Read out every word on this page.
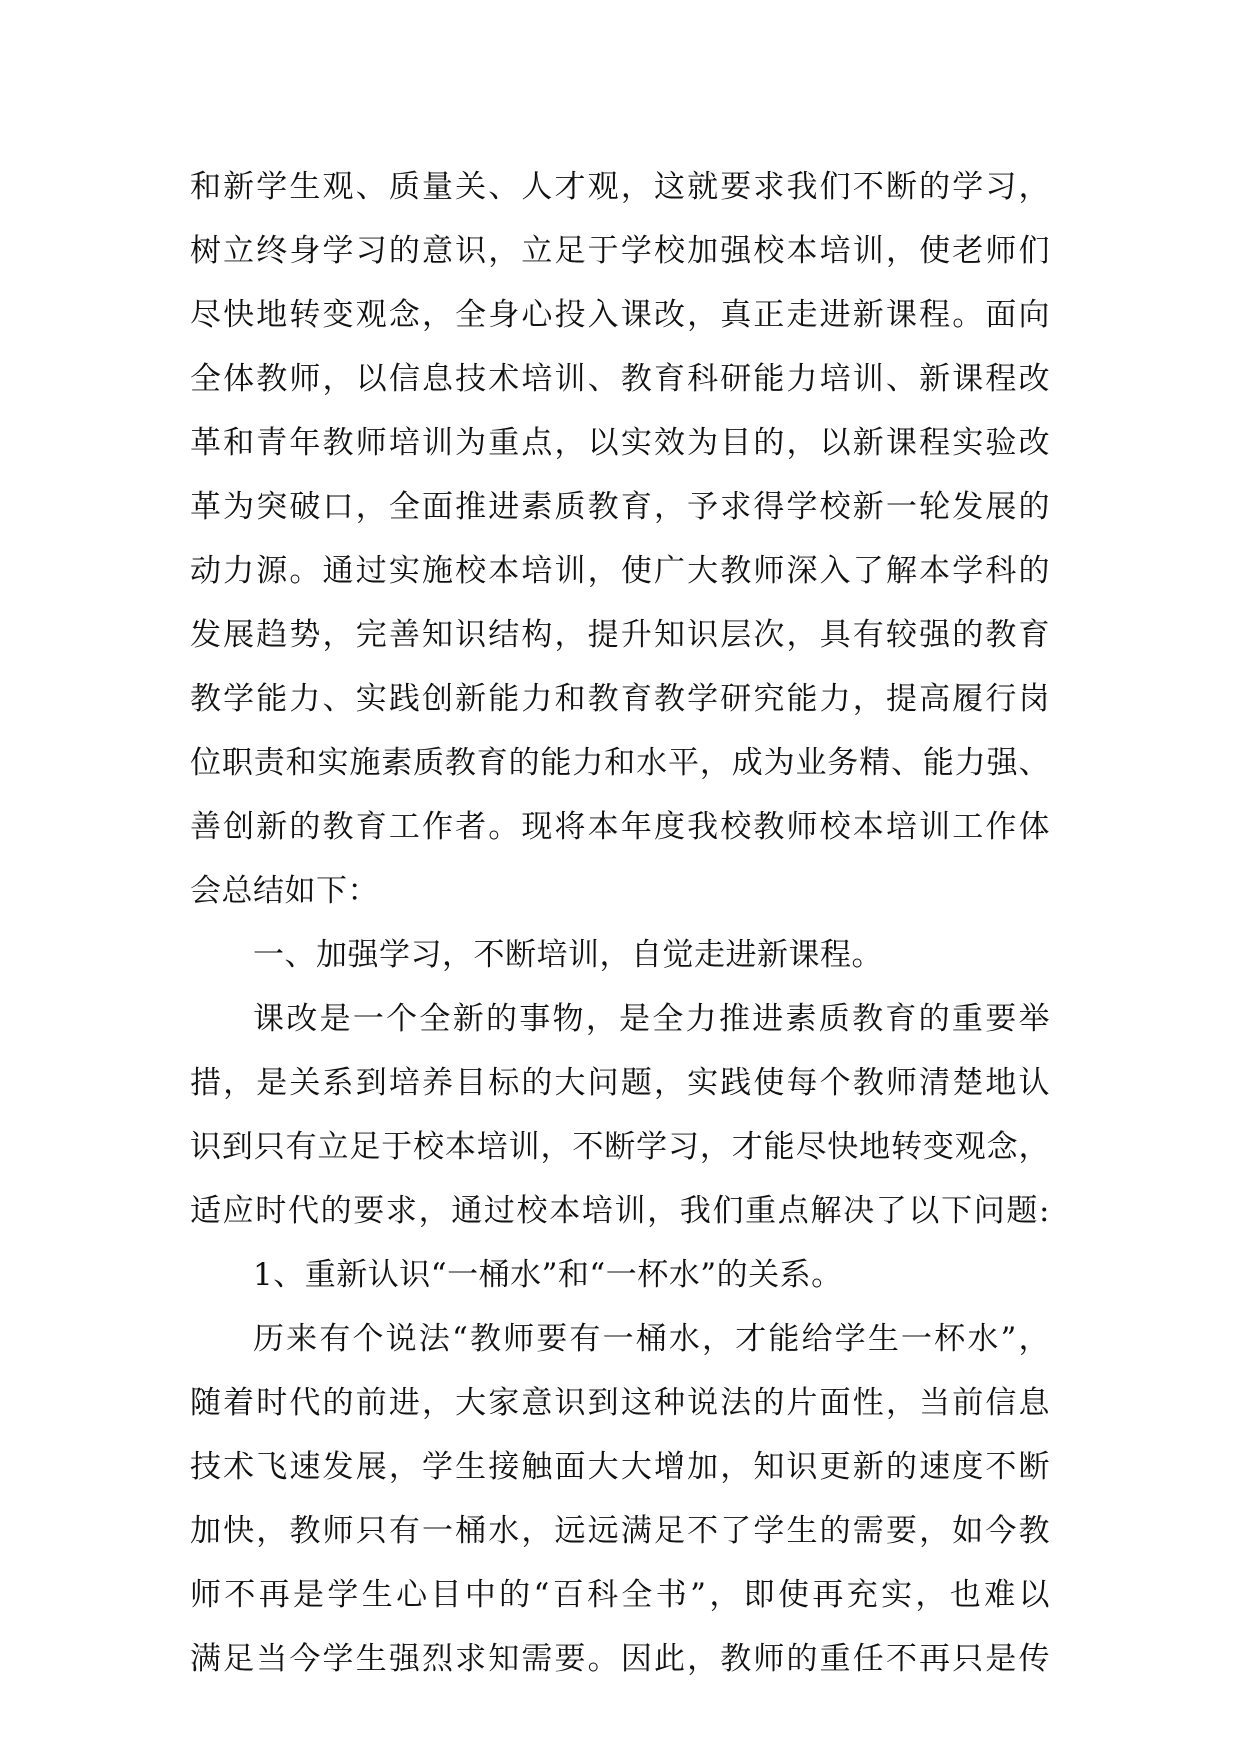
和新学生观、质量关、人才观，这就要求我们不断的学习，
树立终身学习的意识，立足于学校加强校本培训，使老师们
尽快地转变观念，全身心投入课改，真正走进新课程。面向
全体教师，以信息技术培训、教育科研能力培训、新课程改
革和青年教师培训为重点，以实效为目的，以新课程实验改
革为突破口，全面推进素质教育，予求得学校新一轮发展的
动力源。通过实施校本培训，使广大教师深入了解本学科的
发展趋势，完善知识结构，提升知识层次，具有较强的教育
教学能力、实践创新能力和教育教学研究能力，提高履行岗
位职责和实施素质教育的能力和水平，成为业务精、能力强、
善创新的教育工作者。现将本年度我校教师校本培训工作体
会总结如下：
一、加强学习，不断培训，自觉走进新课程。
课改是一个全新的事物，是全力推进素质教育的重要举
措，是关系到培养目标的大问题，实践使每个教师清楚地认
识到只有立足于校本培训，不断学习，才能尽快地转变观念，
适应时代的要求，通过校本培训，我们重点解决了以下问题:
1、重新认识“一桶水”和“一杯水”的关系。
历来有个说法“教师要有一桶水，才能给学生一杯水”，
随着时代的前进，大家意识到这种说法的片面性，当前信息
技术飞速发展，学生接触面大大增加，知识更新的速度不断
加快，教师只有一桶水，远远满足不了学生的需要，如今教
师不再是学生心目中的“百科全书”，即使再充实，也难以
满足当今学生强烈求知需要。因此，教师的重任不再只是传
